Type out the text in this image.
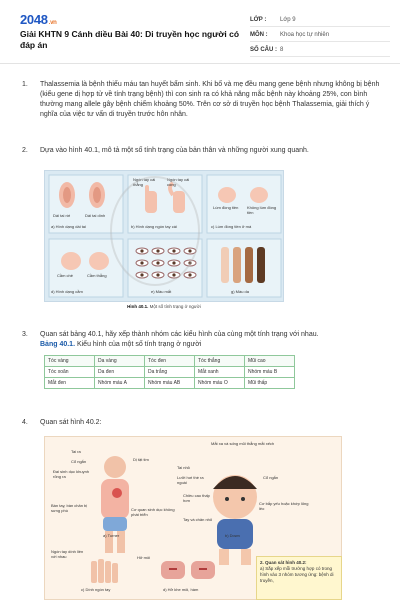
2048.vn
Giải KHTN 9 Cánh diều Bài 40: Di truyền học người có đáp án
LỚP :	Lớp 9
MÔN :	Khoa học tự nhiên
SỐ CÂU : 8
1. Thalassemia là bệnh thiếu máu tan huyết bẩm sinh. Khi bố và mẹ đều mang gene bệnh nhưng không bị bệnh (kiểu gene dị hợp tử về tính trạng bệnh) thì con sinh ra có khả năng mắc bệnh này khoảng 25%, con bình thường mang allele gây bệnh chiếm khoảng 50%. Trên cơ sở di truyền học bệnh Thalassemia, giải thích ý nghĩa của việc tư vấn di truyền trước hôn nhân.
2. Dựa vào hình 40.1, mô tả một số tính trạng của bản thân và những người xung quanh.
Dái tai rời	Dái tai dính
Ngón tay cái thẳng
Ngón tay cái cong
Lúm đồng tiền	Không lúm đồng tiền
Cằm chẻ	Cằm thẳng
a) Hình dạng dái tai	b) Hình dạng ngón tay cái	c) Lúm đồng tiền ở má
d) Hình dạng cằm	e) Màu mắt	g) Màu da
Hình 40.1. Một số tính trạng ở người
3. Quan sát bảng 40.1, hãy xếp thành nhóm các kiểu hình của cùng một tính trạng với nhau.
Bảng 40.1. Kiểu hình của một số tính trạng ở người
Tóc vàng	Da vàng	Tóc đen	Tóc thẳng	Mũi cao
Tóc xoăn	Da đen	Da trắng	Mắt xanh	Nhóm máu B
Mắt đen	Nhóm máu A	Nhóm máu AB	Nhóm máu O	Mũi thấp
4. Quan sát hình 40.2:
Tai ra
Cổ ngắn	Dị tật tim
Đai sinh dục khuynh rõng ra
Bàn tay, bàn chân bị sưng phù	Cơ quan sinh dục không phát triển
a) Turner
Mắt xa và sống mũi thẳng mắt xếch
Tai nhỏ
Lưỡi hơi thè ra ngoài
Chiều cao thấp hơn
Cổ ngắn
Cơ bắp yếu hoặc khớp lỏng lẻo
Tay và chân nhỏ
b) Down
Ngón tay dính liền với nhau
c) Dính ngón tay
Hở môi
d) Hở khe môi, hàm
2. Quan sát hình 40.2:
a) Sắp xếp mỗi trường hợp có trong hình vào 3 nhóm tương ứng: bệnh di truyền,
